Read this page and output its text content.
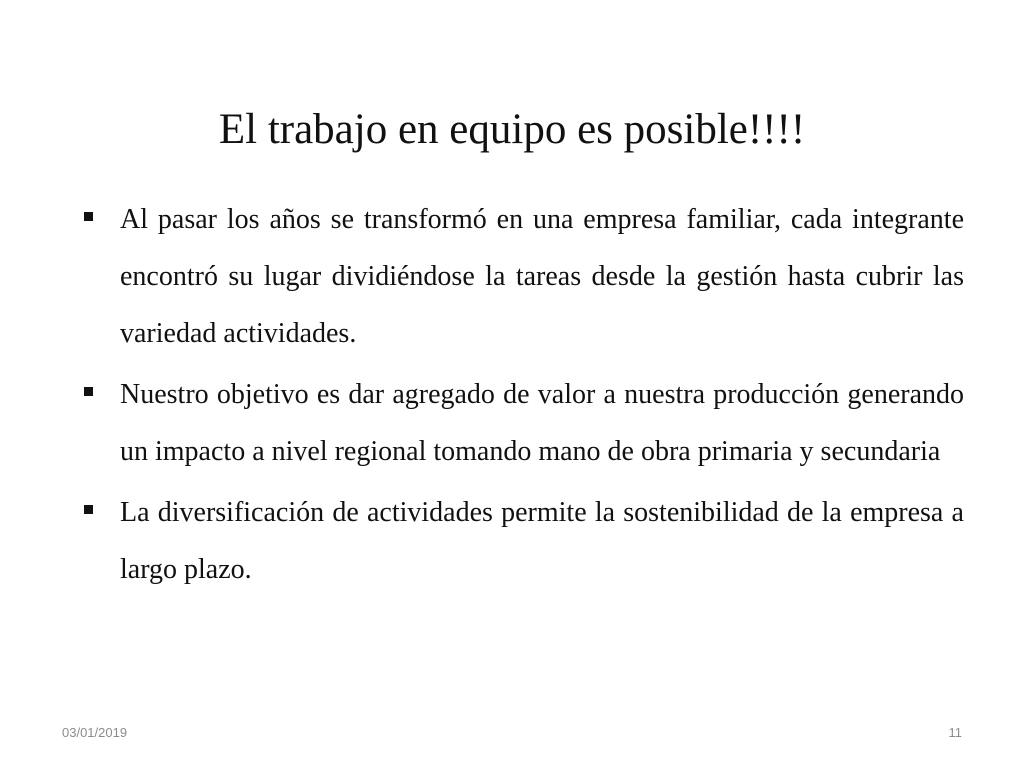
El trabajo en equipo es posible!!!!
Al pasar los años se transformó en una empresa familiar, cada integrante encontró su lugar dividiéndose la tareas desde la gestión hasta cubrir las variedad actividades.
Nuestro objetivo es dar agregado de valor a nuestra producción generando un impacto a nivel regional tomando mano de obra primaria y secundaria
La diversificación de actividades permite la sostenibilidad de la empresa a largo plazo.
03/01/2019	11
